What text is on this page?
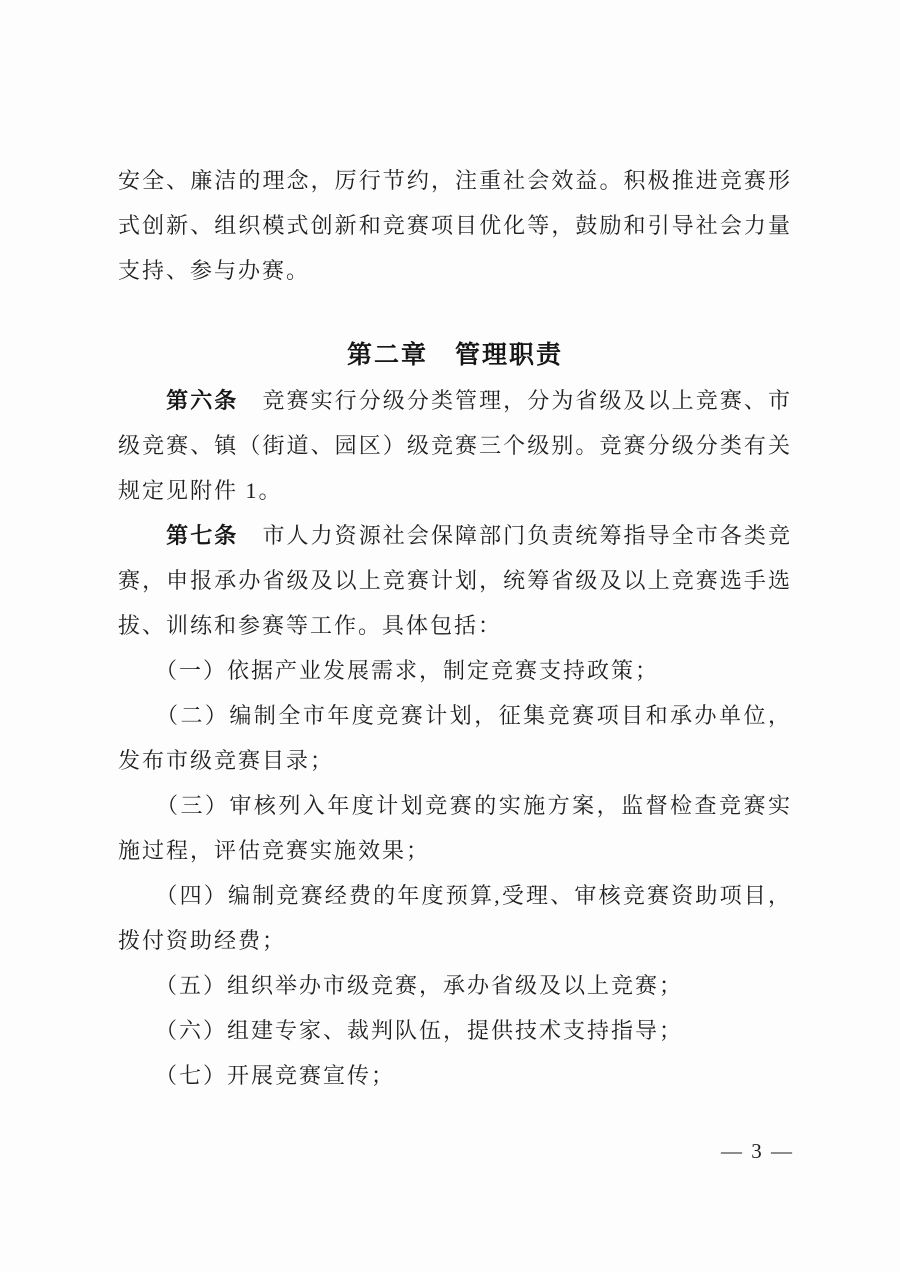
安全、廉洁的理念，厉行节约，注重社会效益。积极推进竞赛形
式创新、组织模式创新和竞赛项目优化等，鼓励和引导社会力量
支持、参与办赛。
第二章　管理职责
　　第六条　 竞赛实行分级分类管理，分为省级及以上竞赛、市
级竞赛、镇（街道、园区）级竞赛三个级别。竞赛分级分类有关
规定见附件 1。
　　第七条　 市人力资源社会保障部门负责统筹指导全市各类竞
赛，申报承办省级及以上竞赛计划，统筹省级及以上竞赛选手选
拔、训练和参赛等工作。具体包括：
　　（一）依据产业发展需求，制定竞赛支持政策；
　　（二）编制全市年度竞赛计划，征集竞赛项目和承办单位，
发布市级竞赛目录；
　　（三）审核列入年度计划竞赛的实施方案，监督检查竞赛实
施过程，评估竞赛实施效果；
　　（四）编制竞赛经费的年度预算,受理、审核竞赛资助项目，
拨付资助经费；
　　（五）组织举办市级竞赛，承办省级及以上竞赛；
　　（六）组建专家、裁判队伍，提供技术支持指导；
　　（七）开展竞赛宣传；
— 3 —
